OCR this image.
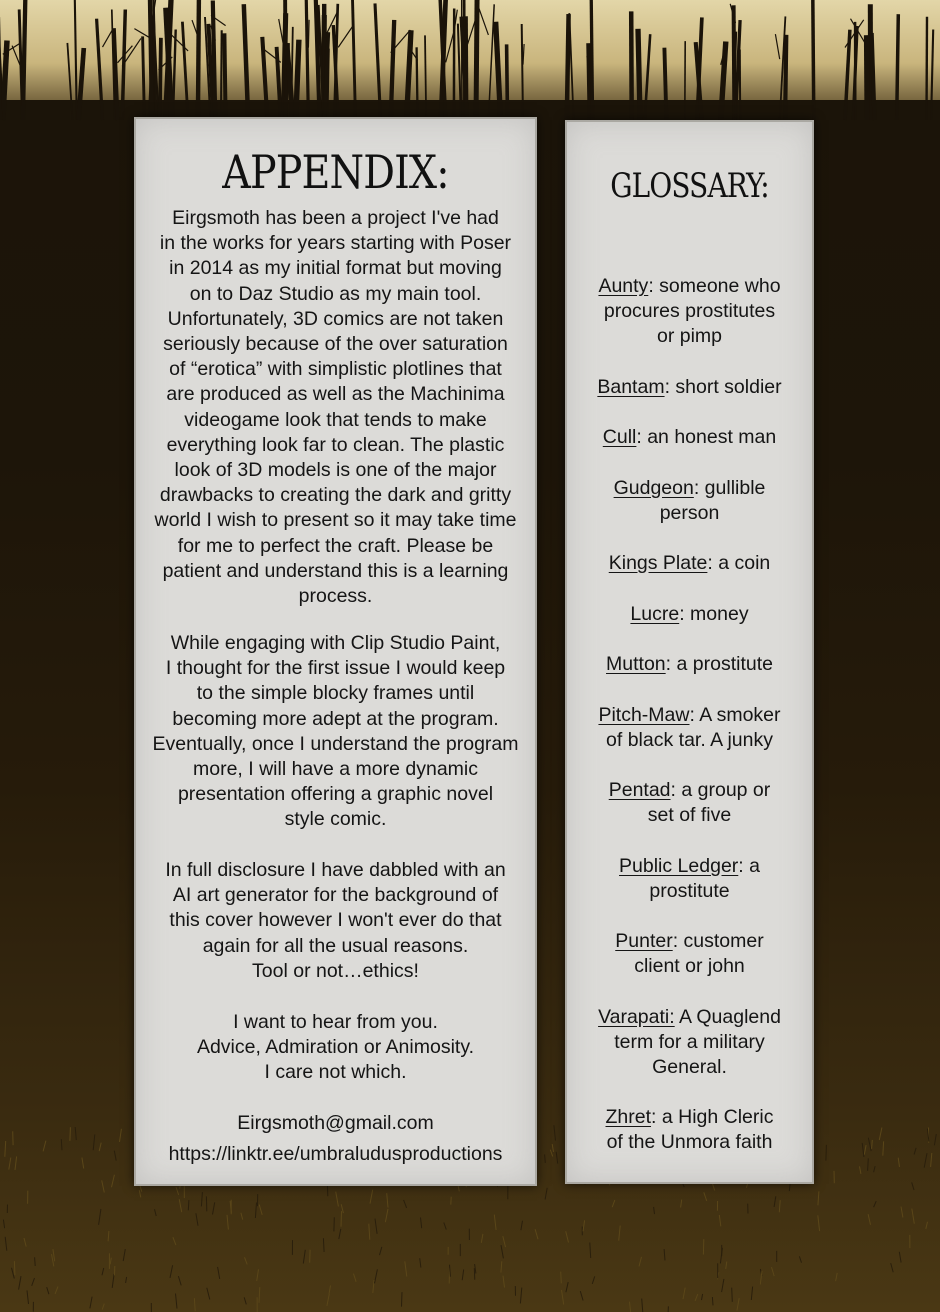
APPENDIX:

Eirgsmoth has been a project I've had
in the works for years starting with Poser
in 2014 as my initial format but moving
on to Daz Studio as my main tool.
Unfortunately, 3D comics are not taken
seriously because of the over saturation
of “erotica” with simplistic plotlines that
are produced as well as the Machinima
videogame look that tends to make
everything look far to clean. The plastic
look of 3D models is one of the major
drawbacks to creating the dark and gritty
world I wish to present so it may take time
for me to perfect the craft. Please be
patient and understand this is a learning
process.

While engaging with Clip Studio Paint,
I thought for the first issue I would keep
to the simple blocky frames until
becoming more adept at the program.
Eventually, once I understand the program
more, I will have a more dynamic
presentation offering a graphic novel
style comic.

In full disclosure I have dabbled with an
AI art generator for the background of
this cover however I won't ever do that
again for all the usual reasons.
Tool or not…ethics!

I want to hear from you.
Advice, Admiration or Animosity.
I care not which.

Eirgsmoth@gmail.com

https://linktr.ee/umbraludusproductions

GLOSSARY:

Aunty: someone who
procures prostitutes
or pimp

Bantam: short soldier

Cull: an honest man

Gudgeon: gullible
person

Kings Plate: a coin

Lucre: money

Mutton: a prostitute

Pitch-Maw: A smoker
of black tar. A junky

Pentad: a group or
set of five

Public Ledger: a
prostitute

Punter: customer
client or john

Varapati: A Quaglend
term for a military
General.

Zhret: a High Cleric
of the Unmora faith
